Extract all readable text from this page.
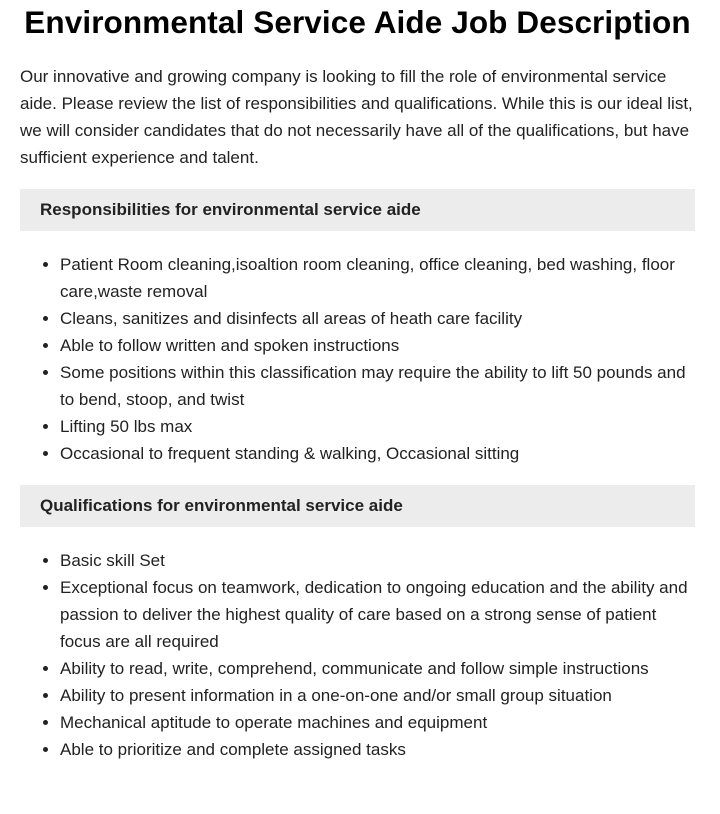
Environmental Service Aide Job Description

Our innovative and growing company is looking to fill the role of environmental service aide. Please review the list of responsibilities and qualifications. While this is our ideal list, we will consider candidates that do not necessarily have all of the qualifications, but have sufficient experience and talent.

Responsibilities for environmental service aide
• Patient Room cleaning,isoaltion room cleaning, office cleaning, bed washing, floor care,waste removal
• Cleans, sanitizes and disinfects all areas of heath care facility
• Able to follow written and spoken instructions
• Some positions within this classification may require the ability to lift 50 pounds and to bend, stoop, and twist
• Lifting 50 lbs max
• Occasional to frequent standing & walking, Occasional sitting
Qualifications for environmental service aide
• Basic skill Set
• Exceptional focus on teamwork, dedication to ongoing education and the ability and passion to deliver the highest quality of care based on a strong sense of patient focus are all required
• Ability to read, write, comprehend, communicate and follow simple instructions
• Ability to present information in a one-on-one and/or small group situation
• Mechanical aptitude to operate machines and equipment
• Able to prioritize and complete assigned tasks
